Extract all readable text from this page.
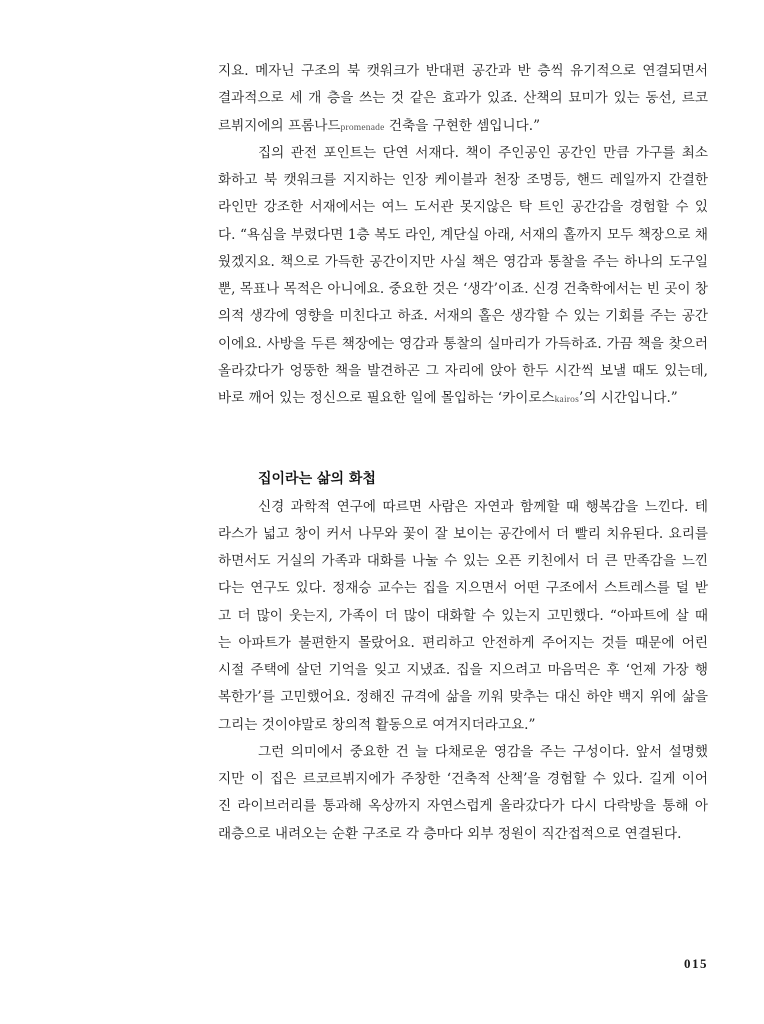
지요. 메자닌 구조의 북 캣워크가 반대편 공간과 반 층씩 유기적으로 연결되면서
결과적으로 세 개 층을 쓰는 것 같은 효과가 있죠. 산책의 묘미가 있는 동선, 르코
르뷔지에의 프롬나드promenade 건축을 구현한 셈입니다.”
집의 관전 포인트는 단연 서재다. 책이 주인공인 공간인 만큼 가구를 최소
화하고 북 캣워크를 지지하는 인장 케이블과 천장 조명등, 핸드 레일까지 간결한
라인만 강조한 서재에서는 여느 도서관 못지않은 탁 트인 공간감을 경험할 수 있
다. “욕심을 부렸다면 1층 복도 라인, 계단실 아래, 서재의 홀까지 모두 책장으로 채
웠겠지요. 책으로 가득한 공간이지만 사실 책은 영감과 통찰을 주는 하나의 도구일
뿐, 목표나 목적은 아니에요. 중요한 것은 ‘생각’이죠. 신경 건축학에서는 빈 곳이 창
의적 생각에 영향을 미친다고 하죠. 서재의 홀은 생각할 수 있는 기회를 주는 공간
이에요. 사방을 두른 책장에는 영감과 통찰의 실마리가 가득하죠. 가끔 책을 찾으러
올라갔다가 엉뚱한 책을 발견하곤 그 자리에 앉아 한두 시간씩 보낼 때도 있는데,
바로 깨어 있는 정신으로 필요한 일에 몰입하는 ‘카이로스kairos’의 시간입니다.”
집이라는 삶의 화첩
신경 과학적 연구에 따르면 사람은 자연과 함께할 때 행복감을 느낀다. 테
라스가 넓고 창이 커서 나무와 꽃이 잘 보이는 공간에서 더 빨리 치유된다. 요리를
하면서도 거실의 가족과 대화를 나눌 수 있는 오픈 키친에서 더 큰 만족감을 느낀
다는 연구도 있다. 정재승 교수는 집을 지으면서 어떤 구조에서 스트레스를 덜 받
고 더 많이 웃는지, 가족이 더 많이 대화할 수 있는지 고민했다. “아파트에 살 때
는 아파트가 불편한지 몰랐어요. 편리하고 안전하게 주어지는 것들 때문에 어린
시절 주택에 살던 기억을 잊고 지냈죠. 집을 지으려고 마음먹은 후 ‘언제 가장 행
복한가’를 고민했어요. 정해진 규격에 삶을 끼워 맞추는 대신 하얀 백지 위에 삶을
그리는 것이야말로 창의적 활동으로 여겨지더라고요.”
그런 의미에서 중요한 건 늘 다채로운 영감을 주는 구성이다. 앞서 설명했
지만 이 집은 르코르뷔지에가 주창한 ‘건축적 산책’을 경험할 수 있다. 길게 이어
진 라이브러리를 통과해 옥상까지 자연스럽게 올라갔다가 다시 다락방을 통해 아
래층으로 내려오는 순환 구조로 각 층마다 외부 정원이 직간접적으로 연결된다.
015
